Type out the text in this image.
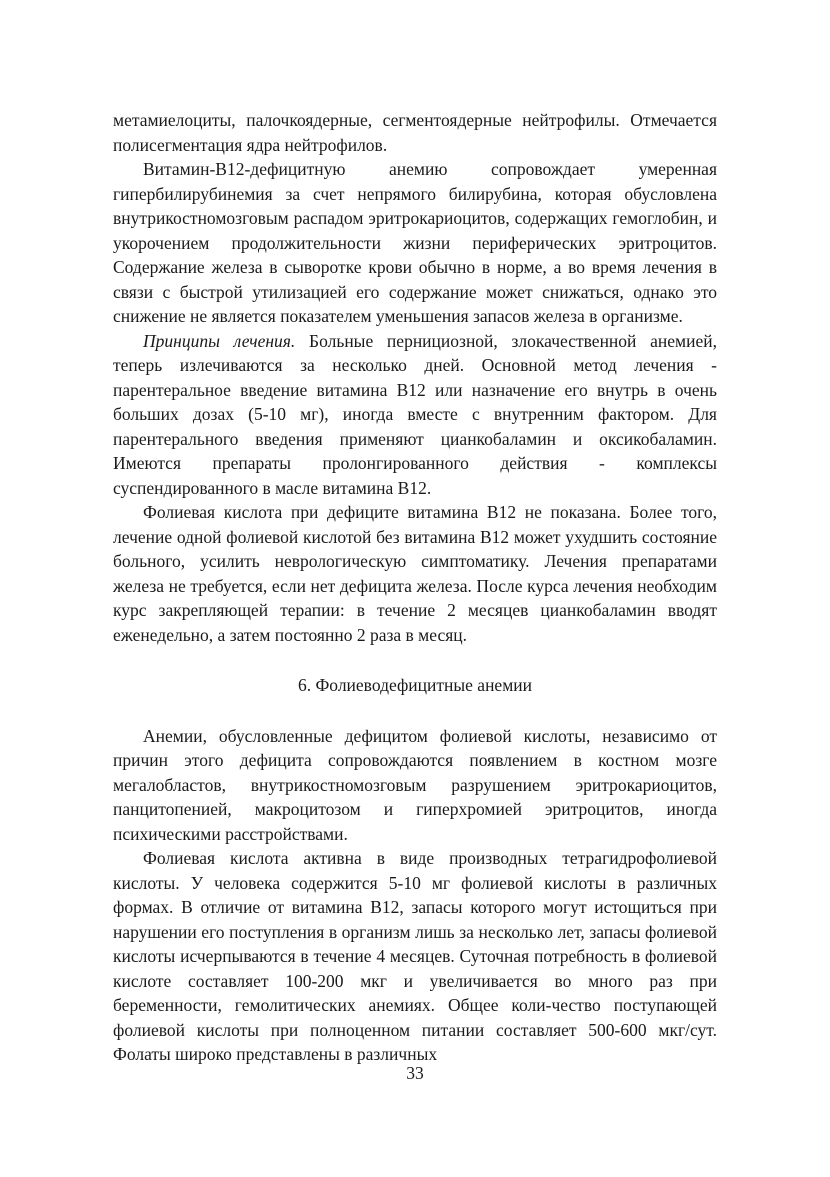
метамиелоциты, палочкоядерные, сегментоядерные нейтрофилы. Отмечается полисегментация ядра нейтрофилов.

Витамин-В12-дефицитную анемию сопровождает умеренная гипербилирубинемия за счет непрямого билирубина, которая обусловлена внутрикостномозговым распадом эритрокариоцитов, содержащих гемоглобин, и укорочением продолжительности жизни периферических эритроцитов. Содержание железа в сыворотке крови обычно в норме, а во время лечения в связи с быстрой утилизацией его содержание может снижаться, однако это снижение не является показателем уменьшения запасов железа в организме.

Принципы лечения. Больные пернициозной, злокачественной анемией, теперь излечиваются за несколько дней. Основной метод лечения - парентеральное введение витамина В12 или назначение его внутрь в очень больших дозах (5-10 мг), иногда вместе с внутренним фактором. Для парентерального введения применяют цианкобаламин и оксикобаламин. Имеются препараты пролонгированного действия - комплексы суспендированного в масле витамина В12.

Фолиевая кислота при дефиците витамина В12 не показана. Более того, лечение одной фолиевой кислотой без витамина В12 может ухудшить состояние больного, усилить неврологическую симптоматику. Лечения препаратами железа не требуется, если нет дефицита железа. После курса лечения необходим курс закрепляющей терапии: в течение 2 месяцев цианкобаламин вводят еженедельно, а затем постоянно 2 раза в месяц.

6. Фолиеводефицитные анемии

Анемии, обусловленные дефицитом фолиевой кислоты, независимо от причин этого дефицита сопровождаются появлением в костном мозге мегалобластов, внутрикостномозговым разрушением эритрокариоцитов, панцитопенией, макроцитозом и гиперхромией эритроцитов, иногда психическими расстройствами.

Фолиевая кислота активна в виде производных тетрагидрофолиевой кислоты. У человека содержится 5-10 мг фолиевой кислоты в различных формах. В отличие от витамина В12, запасы которого могут истощиться при нарушении его поступления в организм лишь за несколько лет, запасы фолиевой кислоты исчерпываются в течение 4 месяцев. Суточная потребность в фолиевой кислоте составляет 100-200 мкг и увеличивается во много раз при беременности, гемолитических анемиях. Общее коли-чество поступающей фолиевой кислоты при полноценном питании составляет 500-600 мкг/сут. Фолаты широко представлены в различных

33
